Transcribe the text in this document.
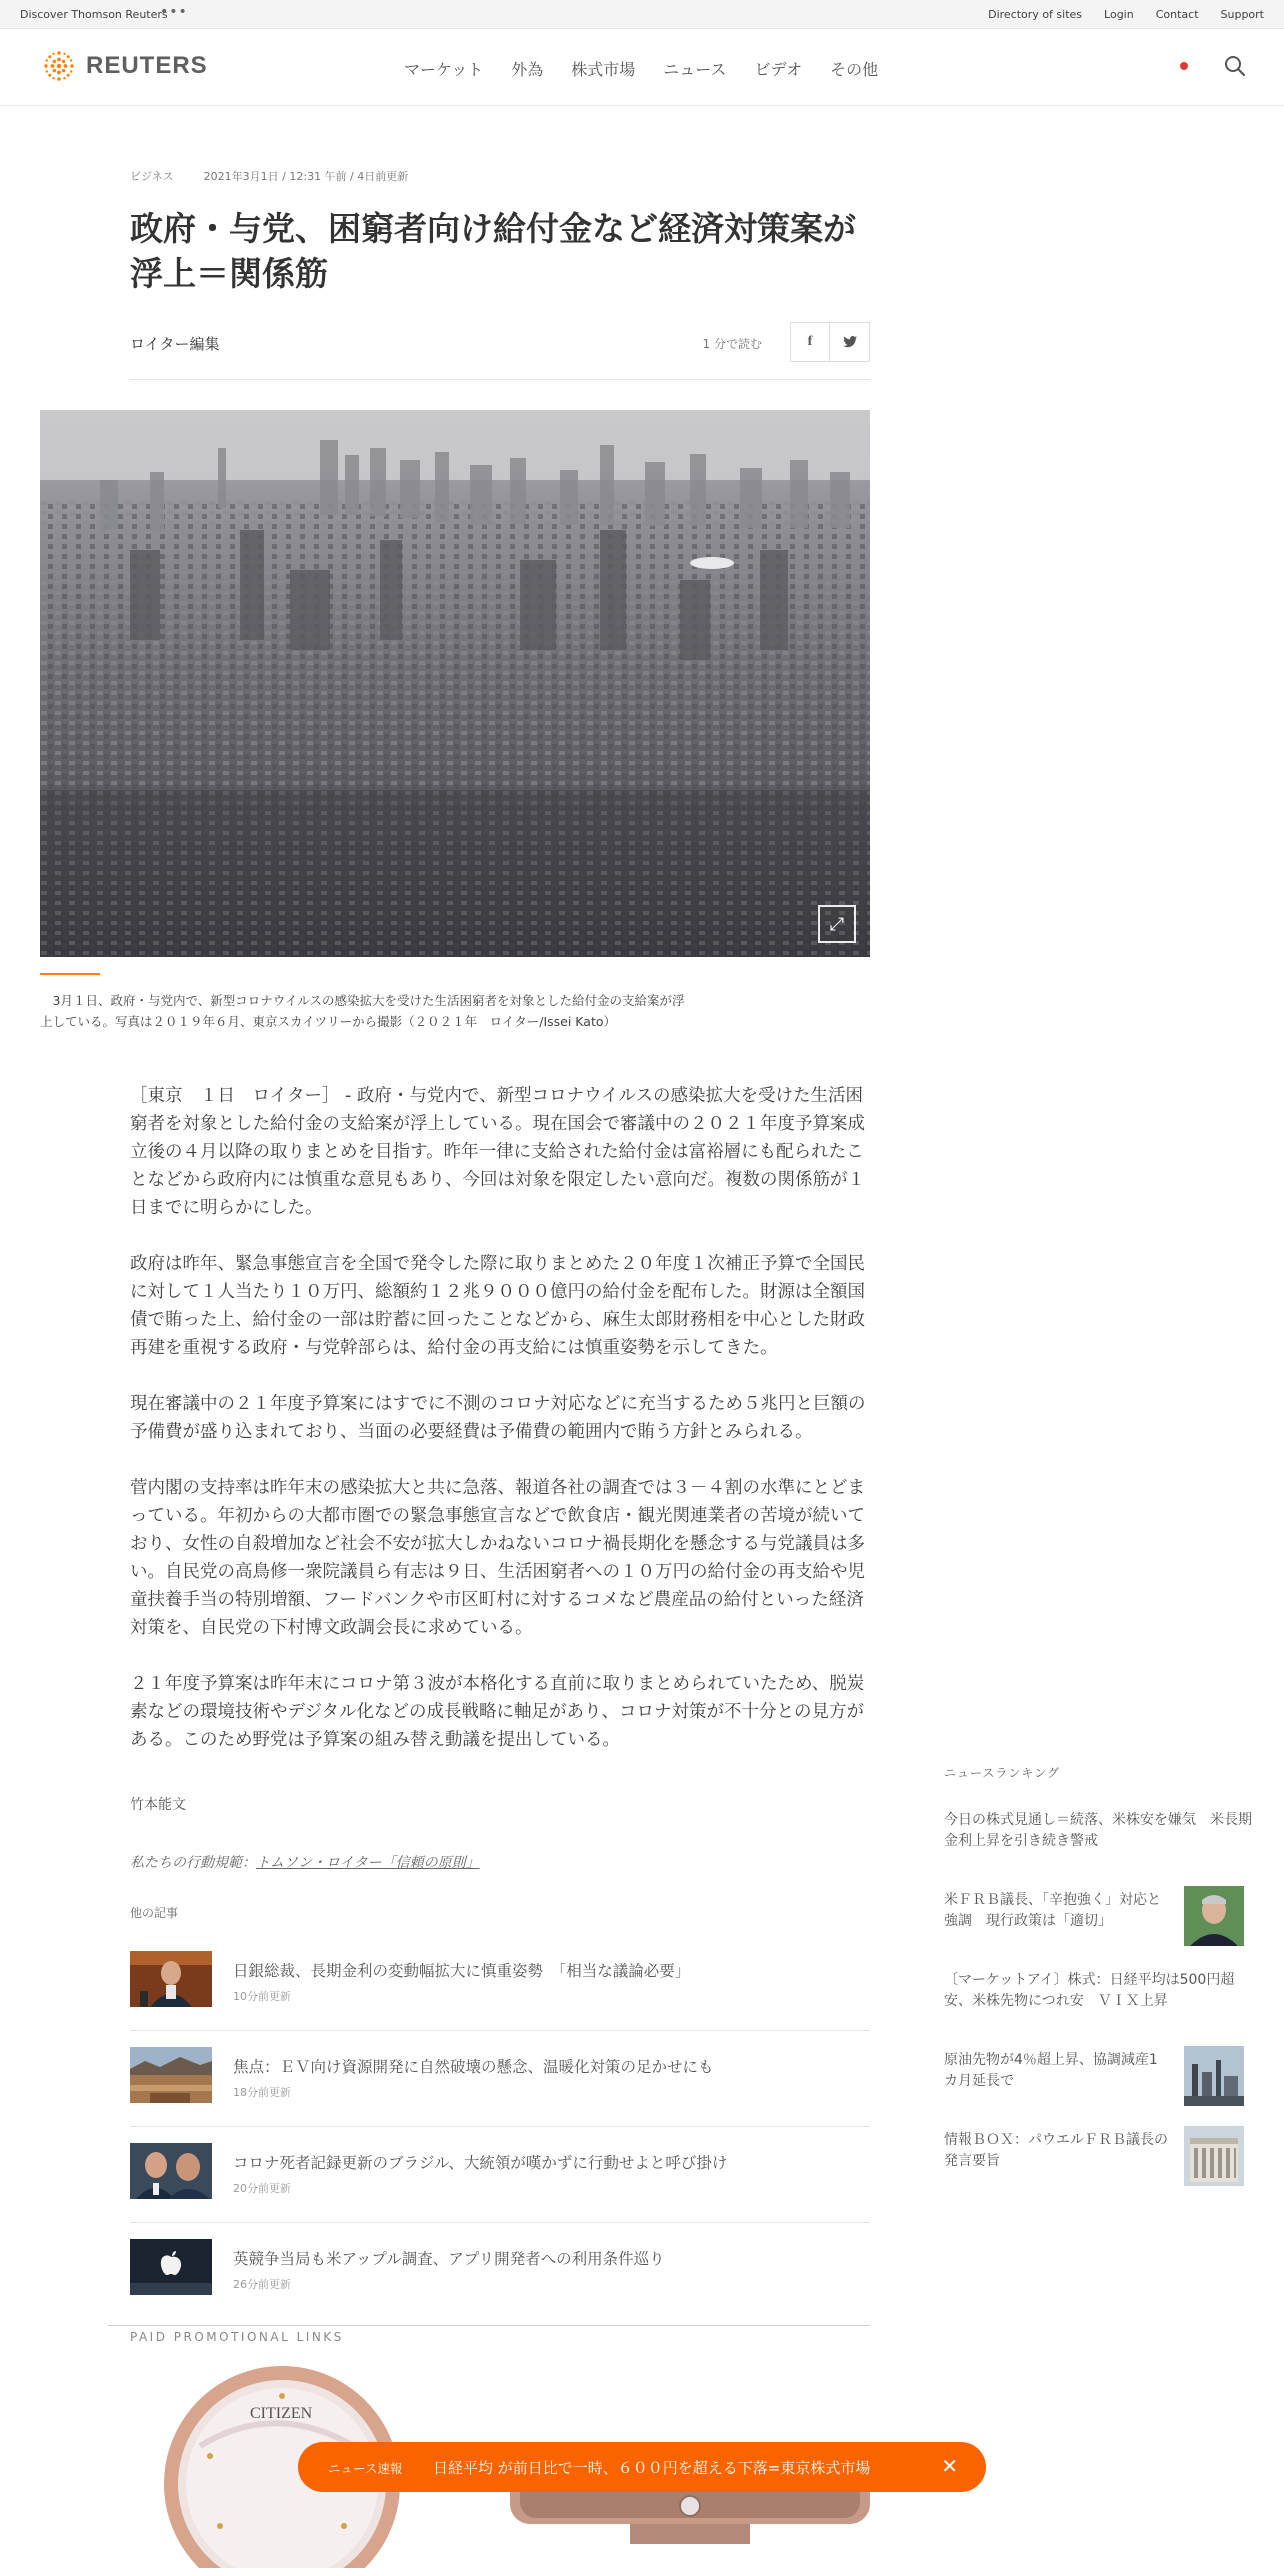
Discover Thomson Reuters
•••	Directory of sites Login Contact Support
REUTERS	マーケット 外為 株式市場 ニュース ビデオ その他
ビジネス	2021年3月1日 / 12:31 午前 / 4日前更新
政府・与党、困窮者向け給付金など経済対策案が浮上＝関係筋
ロイター編集	1 分で読む	f
⤢

　3月１日、政府・与党内で、新型コロナウイルスの感染拡大を受けた生活困窮者を対象とした給付金の支給案が浮上している。写真は２０１９年６月、東京スカイツリーから撮影（２０２１年　ロイター/Issei Kato）

［東京　１日　ロイター］ - 政府・与党内で、新型コロナウイルスの感染拡大を受けた生活困窮者を対象とした給付金の支給案が浮上している。現在国会で審議中の２０２１年度予算案成立後の４月以降の取りまとめを目指す。昨年一律に支給された給付金は富裕層にも配られたことなどから政府内には慎重な意見もあり、今回は対象を限定したい意向だ。複数の関係筋が１日までに明らかにした。

政府は昨年、緊急事態宣言を全国で発令した際に取りまとめた２０年度１次補正予算で全国民に対して１人当たり１０万円、総額約１２兆９０００億円の給付金を配布した。財源は全額国債で賄った上、給付金の一部は貯蓄に回ったことなどから、麻生太郎財務相を中心とした財政再建を重視する政府・与党幹部らは、給付金の再支給には慎重姿勢を示してきた。

現在審議中の２１年度予算案にはすでに不測のコロナ対応などに充当するため５兆円と巨額の予備費が盛り込まれており、当面の必要経費は予備費の範囲内で賄う方針とみられる。

菅内閣の支持率は昨年末の感染拡大と共に急落、報道各社の調査では３－４割の水準にとどまっている。年初からの大都市圏での緊急事態宣言などで飲食店・観光関連業者の苦境が続いており、女性の自殺増加など社会不安が拡大しかねないコロナ禍長期化を懸念する与党議員は多い。自民党の高鳥修一衆院議員ら有志は９日、生活困窮者への１０万円の給付金の再支給や児童扶養手当の特別増額、フードバンクや市区町村に対するコメなど農産品の給付といった経済対策を、自民党の下村博文政調会長に求めている。

２１年度予算案は昨年末にコロナ第３波が本格化する直前に取りまとめられていたため、脱炭素などの環境技術やデジタル化などの成長戦略に軸足があり、コロナ対策が不十分との見方がある。このため野党は予算案の組み替え動議を提出している。

竹本能文
私たちの行動規範：トムソン・ロイター「信頼の原則」
他の記事
日銀総裁、長期金利の変動幅拡大に慎重姿勢　「相当な議論必要」
10分前更新
焦点：ＥＶ向け資源開発に自然破壊の懸念、温暖化対策の足かせにも
18分前更新
コロナ死者記録更新のブラジル、大統領が嘆かずに行動せよと呼び掛け
20分前更新
英競争当局も米アップル調査、アプリ開発者への利用条件巡り
26分前更新
PAID PROMOTIONAL LINKS
CITIZEN
ニュースランキング
今日の株式見通し＝続落、米株安を嫌気　米長期金利上昇を引き続き警戒
米ＦＲＢ議長、「辛抱強く」対応と強調　現行政策は「適切」
〔マーケットアイ〕株式：日経平均は500円超安、米株先物につれ安　ＶＩＸ上昇
原油先物が4％超上昇、協調減産1カ月延長で
情報ＢＯＸ：パウエルＦＲＢ議長の発言要旨
ニュース速報 日経平均 が前日比で一時、６００円を超える下落=東京株式市場	✕
